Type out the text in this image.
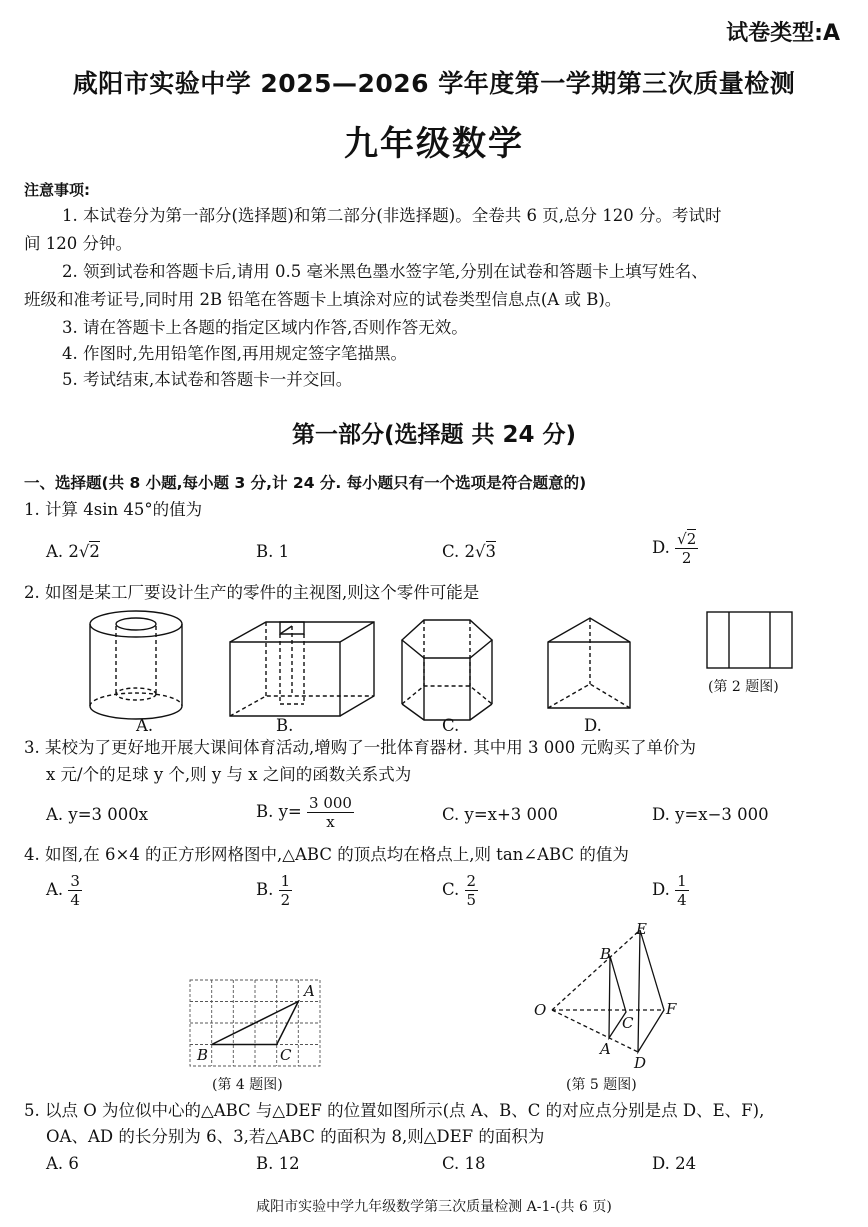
试卷类型:A
咸阳市实验中学 2025—2026 学年度第一学期第三次质量检测
九年级数学
注意事项:
1. 本试卷分为第一部分(选择题)和第二部分(非选择题)。全卷共 6 页,总分 120 分。考试时
间 120 分钟。
2. 领到试卷和答题卡后,请用 0.5 毫米黑色墨水签字笔,分别在试卷和答题卡上填写姓名、
班级和准考证号,同时用 2B 铅笔在答题卡上填涂对应的试卷类型信息点(A 或 B)。
3. 请在答题卡上各题的指定区域内作答,否则作答无效。
4. 作图时,先用铅笔作图,再用规定签字笔描黑。
5. 考试结束,本试卷和答题卡一并交回。
第一部分(选择题 共 24 分)
一、选择题(共 8 小题,每小题 3 分,计 24 分. 每小题只有一个选项是符合题意的)
1. 计算 4sin 45°的值为
A. 2√2	B. 1	C. 2√3	D. $\frac{√2}{2}$
2. 如图是某工厂要设计生产的零件的主视图,则这个零件可能是
A.	B.	C.	D.
(第 2 题图)
3. 某校为了更好地开展大课间体育活动,增购了一批体育器材. 其中用 3 000 元购买了单价为
x 元/个的足球 y 个,则 y 与 x 之间的函数关系式为
A. y=3 000x	B. $y= \frac{3 000}{x}$	C. y=x+3 000	D. y=x−3 000
4. 如图,在 6×4 的正方形网格图中,△ABC 的顶点均在格点上,则 tan∠ABC 的值为
A. $\frac{3}{4}$	B. $\frac{1}{2}$	C. $\frac{2}{5}$	D. $\frac{1}{4}$
A
B	C
(第 4 题图)
O
B
A
C
E
F
D
(第 5 题图)
5. 以点 O 为位似中心的△ABC 与△DEF 的位置如图所示(点 A、B、C 的对应点分别是点 D、E、F),
OA、AD 的长分别为 6、3,若△ABC 的面积为 8,则△DEF 的面积为
A. 6	B. 12	C. 18	D. 24
咸阳市实验中学九年级数学第三次质量检测 A-1-(共 6 页)
